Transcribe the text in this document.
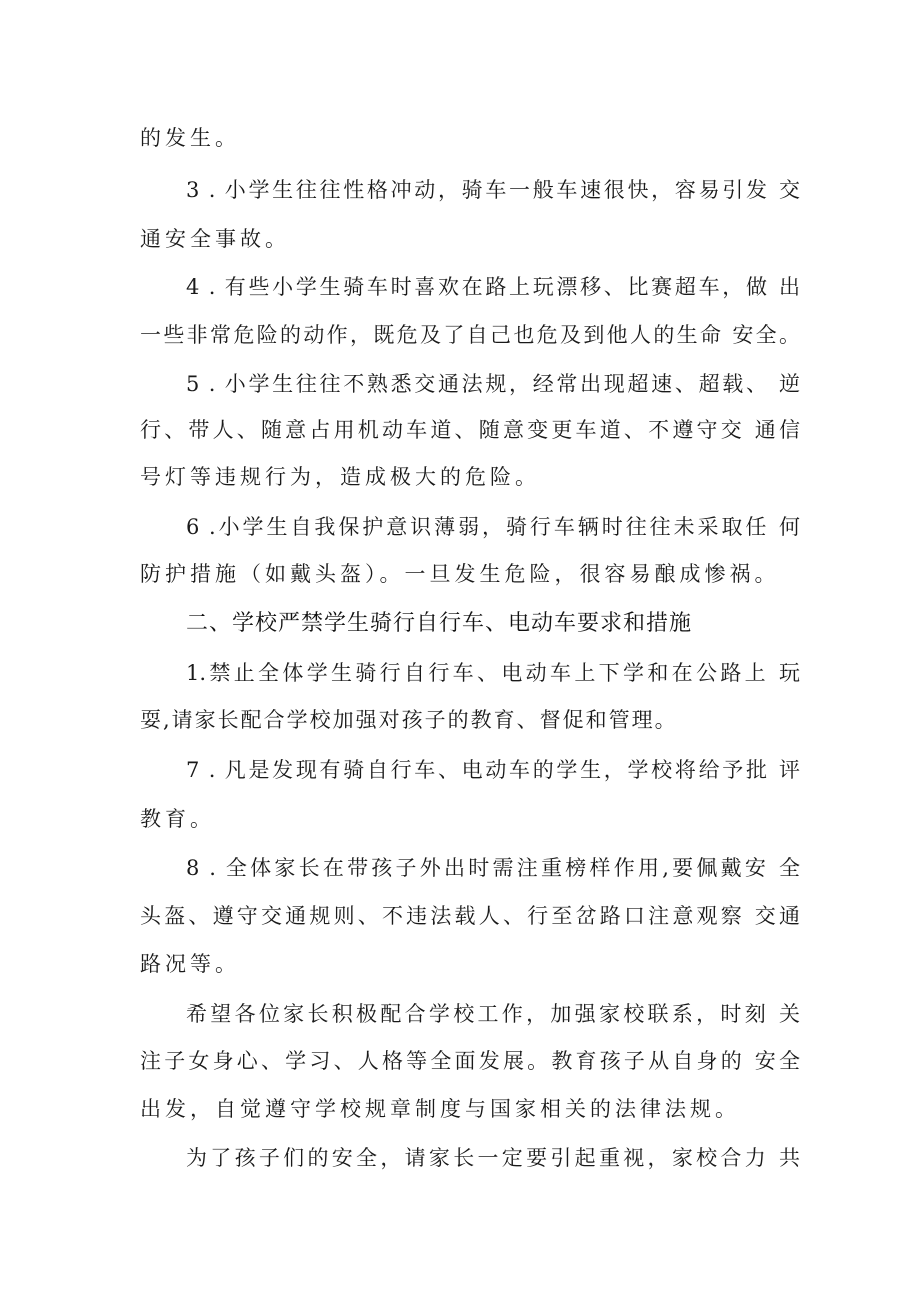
的发生。
3 . 小学生往往性格冲动，骑车一般车速很快，容易引发 交
通安全事故。
4 . 有些小学生骑车时喜欢在路上玩漂移、比赛超车，做 出
一些非常危险的动作，既危及了自己也危及到他人的生命 安全。
5 . 小学生往往不熟悉交通法规，经常出现超速、超载、 逆
行、带人、随意占用机动车道、随意变更车道、不遵守交 通信
号灯等违规行为，造成极大的危险。
6 .小学生自我保护意识薄弱，骑行车辆时往往未采取任 何
防护措施（如戴头盔）。一旦发生危险，很容易酿成惨祸。
二、学校严禁学生骑行自行车、电动车要求和措施
1.禁止全体学生骑行自行车、电动车上下学和在公路上 玩
耍,请家长配合学校加强对孩子的教育、督促和管理。
7 . 凡是发现有骑自行车、电动车的学生，学校将给予批 评
教育。
8 . 全体家长在带孩子外出时需注重榜样作用,要佩戴安 全
头盔、遵守交通规则、不违法载人、行至岔路口注意观察 交通
路况等。
希望各位家长积极配合学校工作，加强家校联系，时刻 关
注子女身心、学习、人格等全面发展。教育孩子从自身的 安全
出发，自觉遵守学校规章制度与国家相关的法律法规。
为了孩子们的安全，请家长一定要引起重视，家校合力 共
